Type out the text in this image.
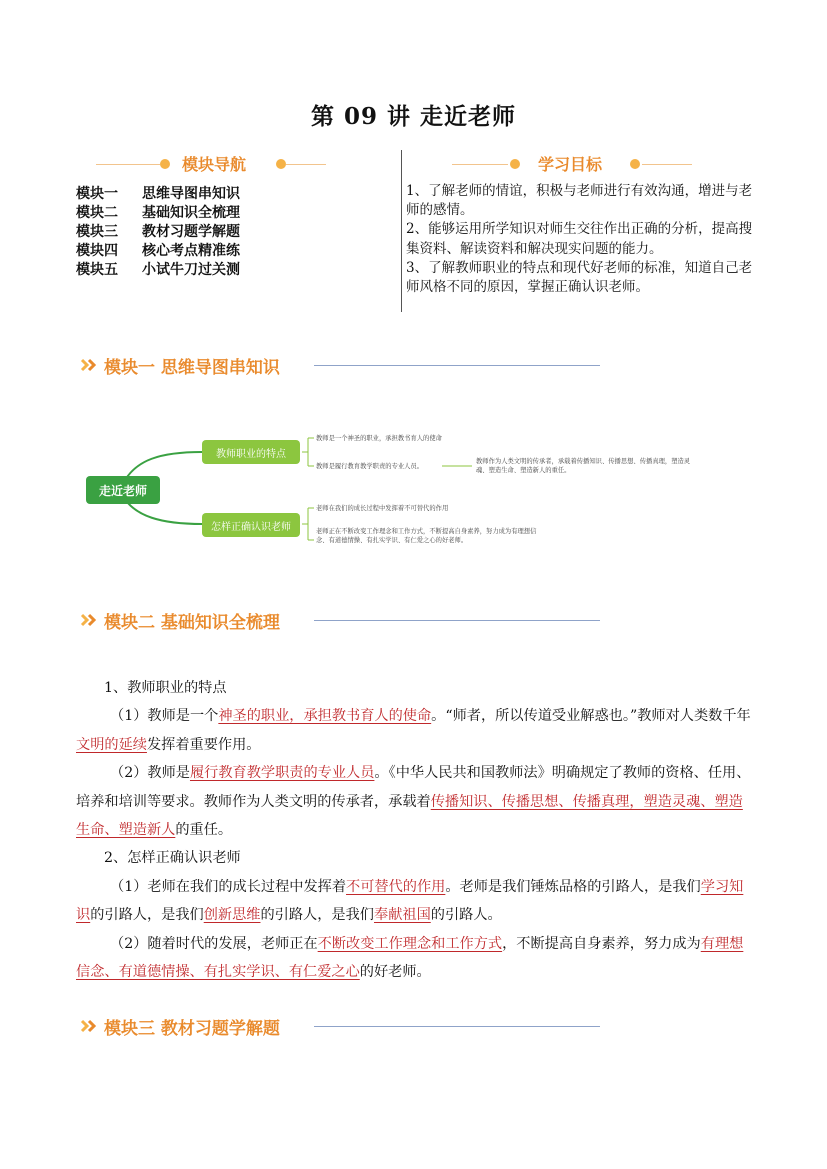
第 09 讲 走近老师
模块导航
模块一	思维导图串知识
模块二	基础知识全梳理
模块三	教材习题学解题
模块四	核心考点精准练
模块五	小试牛刀过关测
学习目标

1、了解老师的情谊，积极与老师进行有效沟通，增进与老师的感情。

2、能够运用所学知识对师生交往作出正确的分析，提高搜集资料、解读资料和解决现实问题的能力。

3、了解教师职业的特点和现代好老师的标准，知道自己老师风格不同的原因，掌握正确认识老师。

模块一 思维导图串知识
走近老师
教师职业的特点
怎样正确认识老师
教师是一个神圣的职业，承担教书育人的使命
教师是履行教育教学职责的专业人员。
教师作为人类文明的传承者，承载着传播知识、传播思想、传播真理，塑造灵
魂、塑造生命、塑造新人的重任。
老师在我们的成长过程中发挥着不可替代的作用
老师正在不断改变工作理念和工作方式，不断提高自身素养，努力成为有理想信
念、有道德情操、有扎实学识、有仁爱之心的好老师。
模块二 基础知识全梳理

1、教师职业的特点

（1）教师是一个神圣的职业，承担教书育人的使命。“师者，所以传道受业解惑也。”教师对人类数千年文明的延续发挥着重要作用。

（2）教师是履行教育教学职责的专业人员。《中华人民共和国教师法》明确规定了教师的资格、任用、培养和培训等要求。教师作为人类文明的传承者，承载着传播知识、传播思想、传播真理，塑造灵魂、塑造生命、塑造新人的重任。

2、怎样正确认识老师

（1）老师在我们的成长过程中发挥着不可替代的作用。老师是我们锤炼品格的引路人，是我们学习知识的引路人，是我们创新思维的引路人，是我们奉献祖国的引路人。

（2）随着时代的发展，老师正在不断改变工作理念和工作方式，不断提高自身素养，努力成为有理想信念、有道德情操、有扎实学识、有仁爱之心的好老师。

模块三 教材习题学解题
